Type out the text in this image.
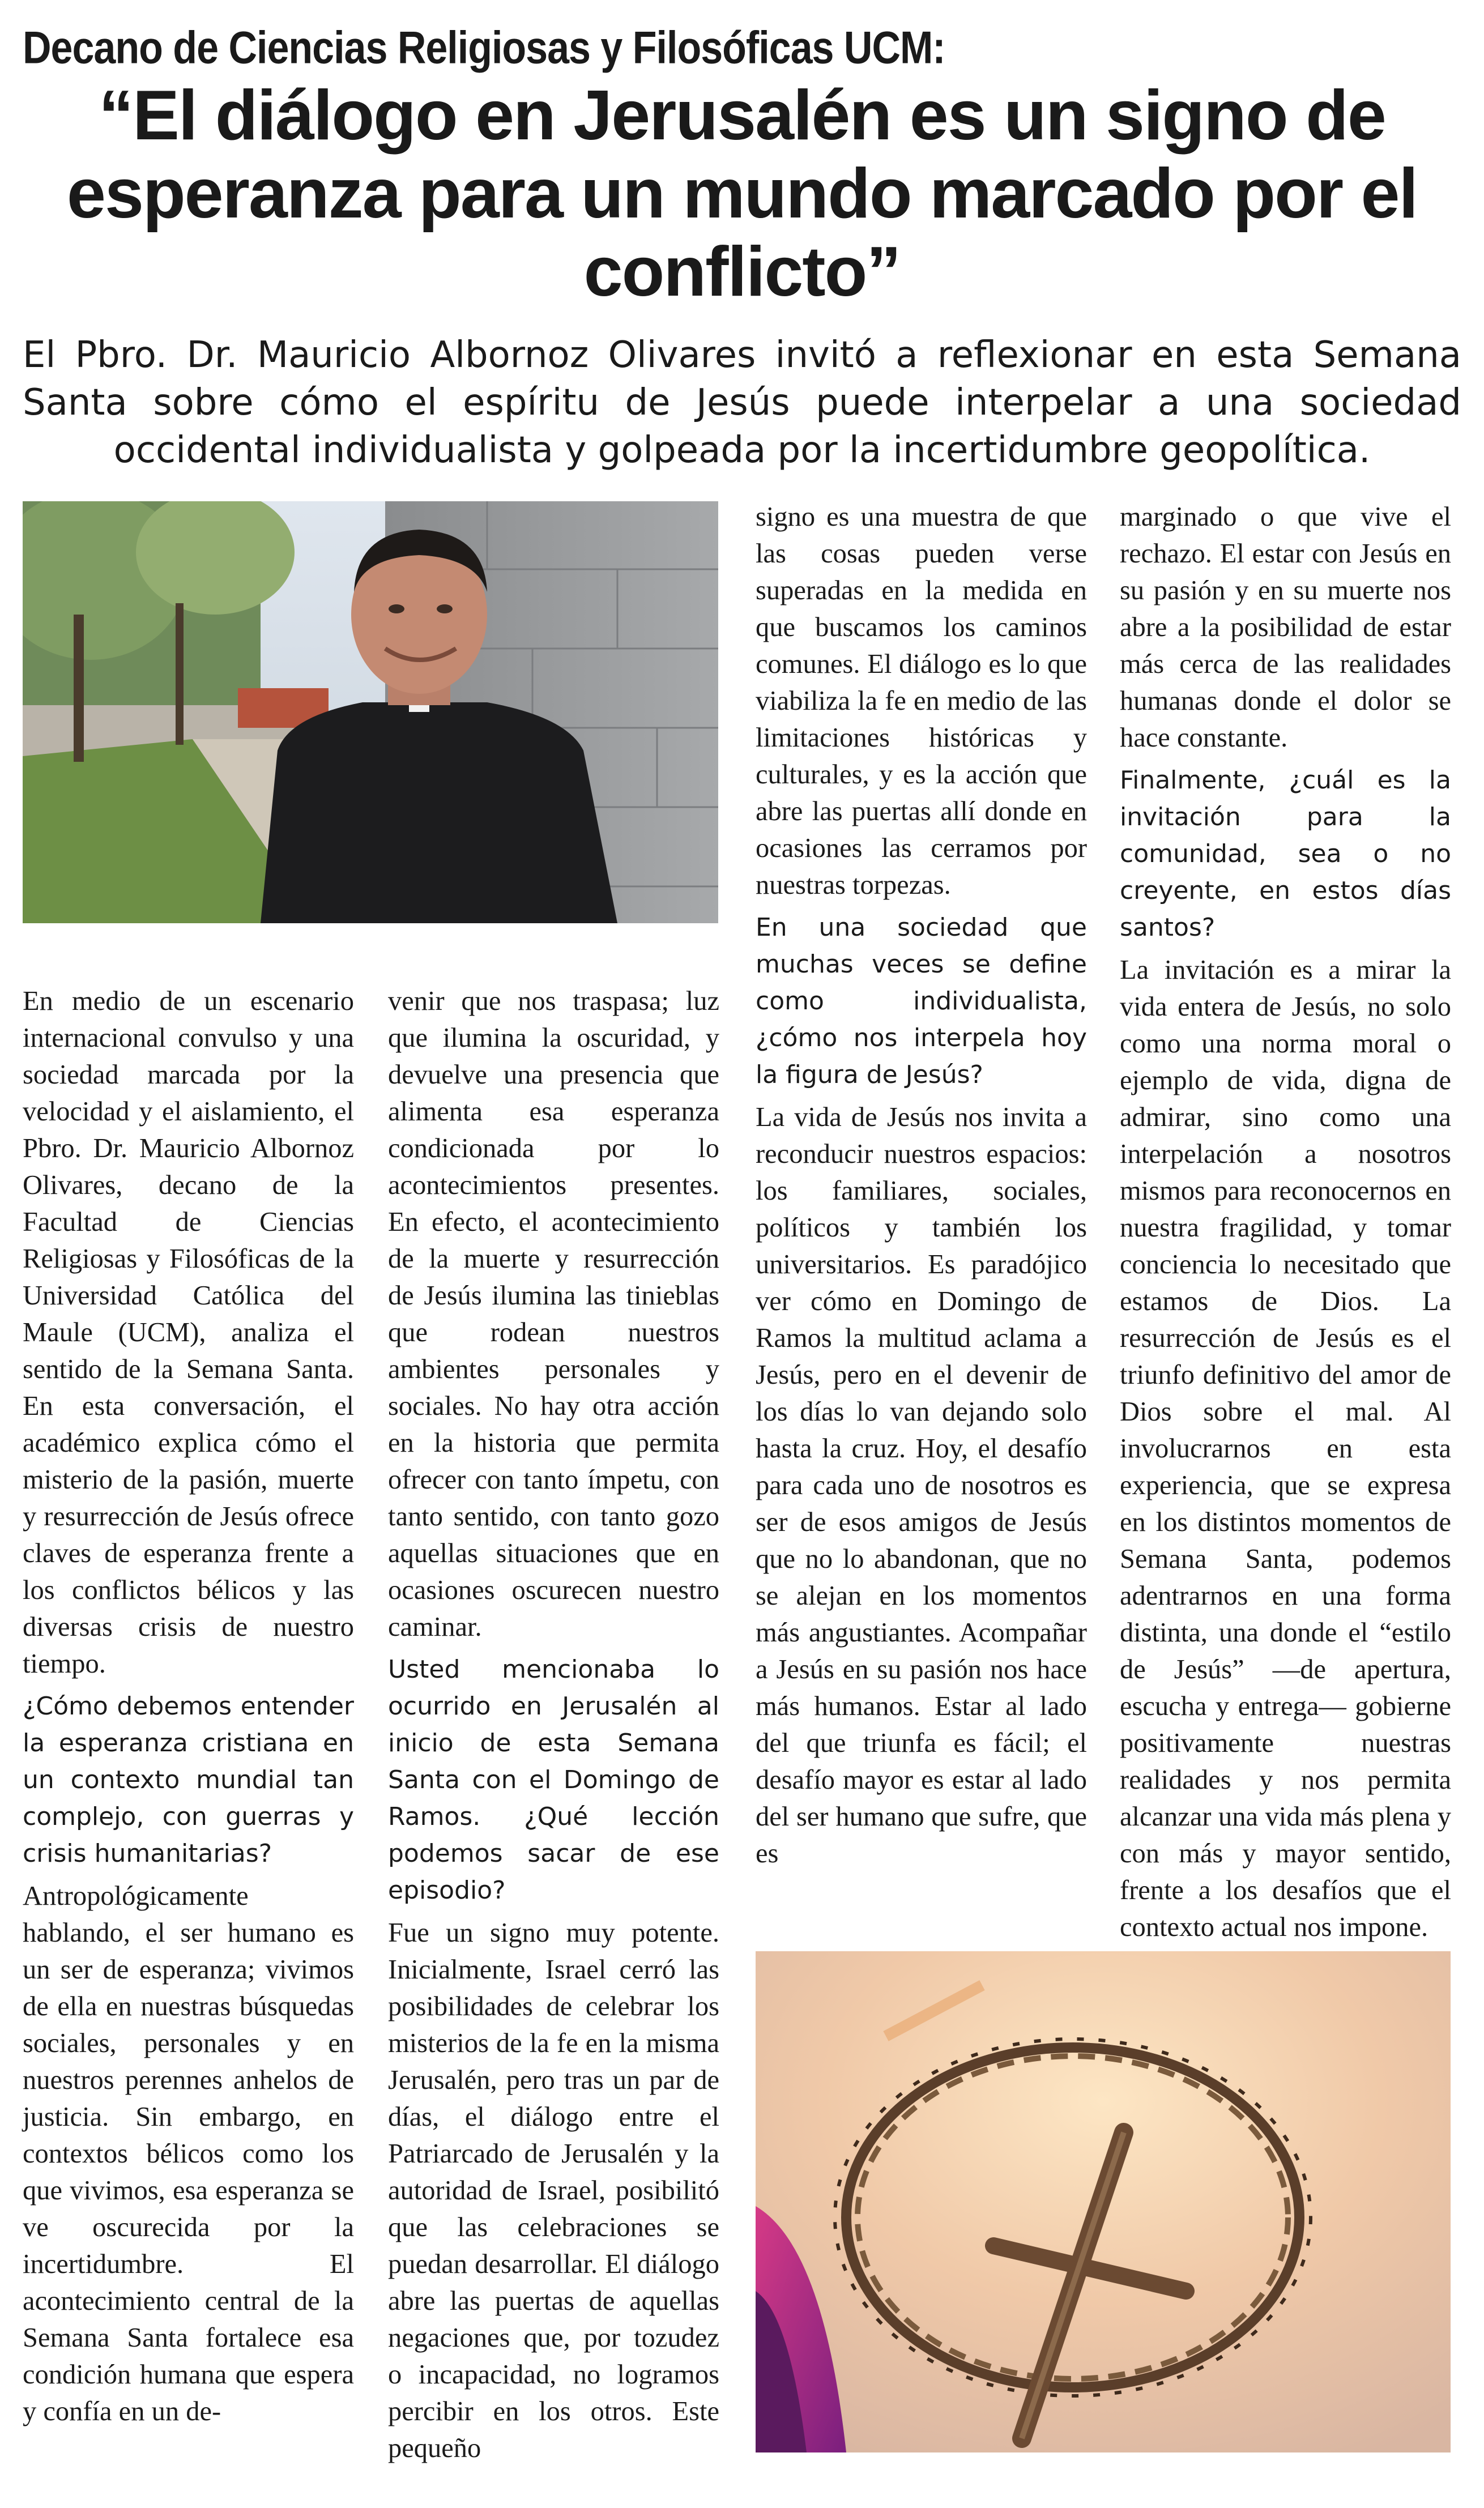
Decano de Ciencias Religiosas y Filosóficas UCM:
“El diálogo en Jerusalén es un signo de esperanza para un mundo marcado por el conflicto”

El Pbro. Dr. Mauricio Albornoz Olivares invitó a reflexionar en esta Semana Santa sobre cómo el espíritu de Jesús puede interpelar a una sociedad occidental individualista y golpeada por la incertidumbre geopolítica.

En medio de un escenario internacional convulso y una sociedad marcada por la velocidad y el aislamiento, el Pbro. Dr. Mauricio Albornoz Olivares, decano de la Facultad de Ciencias Religiosas y Filosóficas de la Universidad Católica del Maule (UCM), analiza el sentido de la Semana Santa. En esta conversación, el académico explica cómo el misterio de la pasión, muerte y resurrección de Jesús ofrece claves de esperanza frente a los conflictos bélicos y las diversas crisis de nuestro tiempo.

¿Cómo debemos entender la esperanza cristiana en un contexto mundial tan complejo, con guerras y crisis humanitarias?

Antropológicamente hablando, el ser humano es un ser de esperanza; vivimos de ella en nuestras búsquedas sociales, personales y en nuestros perennes anhelos de justicia. Sin embargo, en contextos bélicos como los que vivimos, esa esperanza se ve oscurecida por la incertidumbre. El acontecimiento central de la Semana Santa fortalece esa condición humana que espera y confía en un de-

venir que nos traspasa; luz que ilumina la oscuridad, y devuelve una presencia que alimenta esa esperanza condicionada por lo acontecimientos presentes. En efecto, el acontecimiento de la muerte y resurrección de Jesús ilumina las tinieblas que rodean nuestros ambientes personales y sociales. No hay otra acción en la historia que permita ofrecer con tanto ímpetu, con tanto sentido, con tanto gozo aquellas situaciones que en ocasiones oscurecen nuestro caminar.

Usted mencionaba lo ocurrido en Jerusalén al inicio de esta Semana Santa con el Domingo de Ramos. ¿Qué lección podemos sacar de ese episodio?

Fue un signo muy potente. Inicialmente, Israel cerró las posibilidades de celebrar los misterios de la fe en la misma Jerusalén, pero tras un par de días, el diálogo entre el Patriarcado de Jerusalén y la autoridad de Israel, posibilitó que las celebraciones se puedan desarrollar. El diálogo abre las puertas de aquellas negaciones que, por tozudez o incapacidad, no logramos percibir en los otros. Este pequeño

signo es una muestra de que las cosas pueden verse superadas en la medida en que buscamos los caminos comunes. El diálogo es lo que viabiliza la fe en medio de las limitaciones históricas y culturales, y es la acción que abre las puertas allí donde en ocasiones las cerramos por nuestras torpezas.

En una sociedad que muchas veces se define como individualista, ¿cómo nos interpela hoy la figura de Jesús?

La vida de Jesús nos invita a reconducir nuestros espacios: los familiares, sociales, políticos y también los universitarios. Es paradójico ver cómo en Domingo de Ramos la multitud aclama a Jesús, pero en el devenir de los días lo van dejando solo hasta la cruz. Hoy, el desafío para cada uno de nosotros es ser de esos amigos de Jesús que no lo abandonan, que no se alejan en los momentos más angustiantes. Acompañar a Jesús en su pasión nos hace más humanos. Estar al lado del que triunfa es fácil; el desafío mayor es estar al lado del ser humano que sufre, que es

marginado o que vive el rechazo. El estar con Jesús en su pasión y en su muerte nos abre a la posibilidad de estar más cerca de las realidades humanas donde el dolor se hace constante.

Finalmente, ¿cuál es la invitación para la comunidad, sea o no creyente, en estos días santos?

La invitación es a mirar la vida entera de Jesús, no solo como una norma moral o ejemplo de vida, digna de admirar, sino como una interpelación a nosotros mismos para reconocernos en nuestra fragilidad, y tomar conciencia lo necesitado que estamos de Dios. La resurrección de Jesús es el triunfo definitivo del amor de Dios sobre el mal. Al involucrarnos en esta experiencia, que se expresa en los distintos momentos de Semana Santa, podemos adentrarnos en una forma distinta, una donde el “estilo de Jesús” —de apertura, escucha y entrega— gobierne positivamente nuestras realidades y nos permita alcanzar una vida más plena y con más y mayor sentido, frente a los desafíos que el contexto actual nos impone.
